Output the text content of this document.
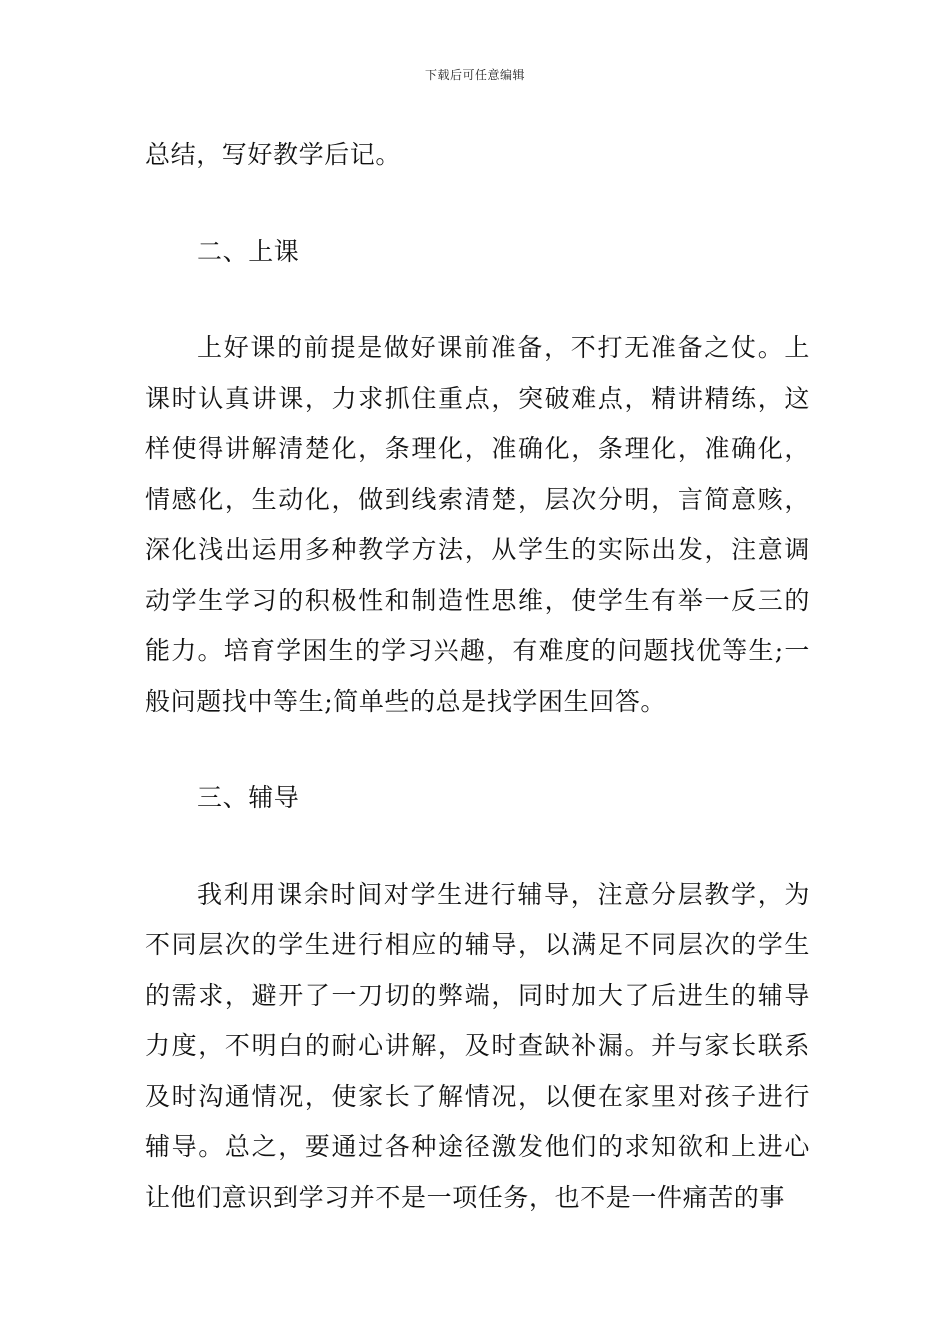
下载后可任意编辑

总结，写好教学后记。

二、上课

上好课的前提是做好课前准备，不打无准备之仗。上课时认真讲课，力求抓住重点，突破难点，精讲精练，这样使得讲解清楚化，条理化，准确化，条理化，准确化，情感化，生动化，做到线索清楚，层次分明，言简意赅，深化浅出运用多种教学方法，从学生的实际出发，注意调动学生学习的积极性和制造性思维，使学生有举一反三的能力。培育学困生的学习兴趣，有难度的问题找优等生;一般问题找中等生;简单些的总是找学困生回答。

三、辅导

我利用课余时间对学生进行辅导，注意分层教学，为不同层次的学生进行相应的辅导，以满足不同层次的学生的需求，避开了一刀切的弊端，同时加大了后进生的辅导力度，不明白的耐心讲解，及时查缺补漏。并与家长联系及时沟通情况，使家长了解情况，以便在家里对孩子进行辅导。总之，要通过各种途径激发他们的求知欲和上进心让他们意识到学习并不是一项任务，也不是一件痛苦的事
